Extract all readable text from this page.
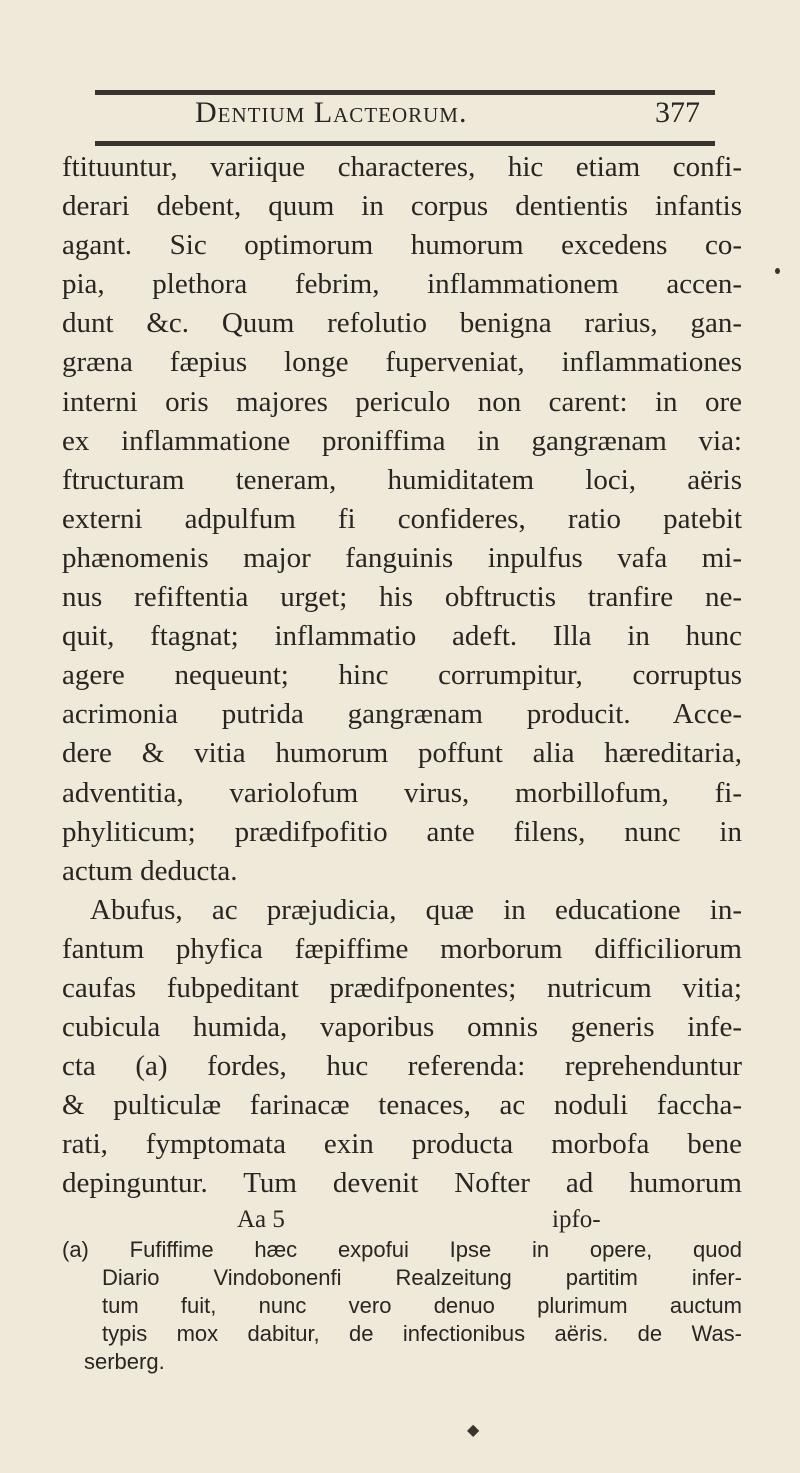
Dentium Lacteorum.	377
ftituuntur, variique characteres, hic etiam confi-
derari debent, quum in corpus dentientis infantis
agant. Sic optimorum humorum excedens co-
pia, plethora febrim, inflammationem accen-
dunt &c. Quum refolutio benigna rarius, gan-
græna fæpius longe fuperveniat, inflammationes
interni oris majores periculo non carent: in ore
ex inflammatione proniffima in gangrænam via:
ftructuram teneram, humiditatem loci, aëris
externi adpulfum fi confideres, ratio patebit
phænomenis major fanguinis inpulfus vafa mi-
nus refiftentia urget; his obftructis tranfire ne-
quit, ftagnat; inflammatio adeft. Illa in hunc
agere nequeunt; hinc corrumpitur, corruptus
acrimonia putrida gangrænam producit. Acce-
dere & vitia humorum poffunt alia hæreditaria,
adventitia, variolofum virus, morbillofum, fi-
phyliticum; prædifpofitio ante filens, nunc in
actum deducta.
Abufus, ac præjudicia, quæ in educatione in-
fantum phyfica fæpiffime morborum difficiliorum
caufas fubpeditant prædifponentes; nutricum vitia;
cubicula humida, vaporibus omnis generis infe-
cta (a) fordes, huc referenda: reprehenduntur
& pulticulæ farinacæ tenaces, ac noduli faccha-
rati, fymptomata exin producta morbofa bene
depinguntur. Tum devenit Nofter ad humorum
Aa 5	ipfo-
(a) Fufiffime hæc expofui Ipse in opere, quod
Diario Vindobonenfi Realzeitung partitim infer-
tum fuit, nunc vero denuo plurimum auctum
typis mox dabitur, de infectionibus aëris. de Was-
serberg.
◆
